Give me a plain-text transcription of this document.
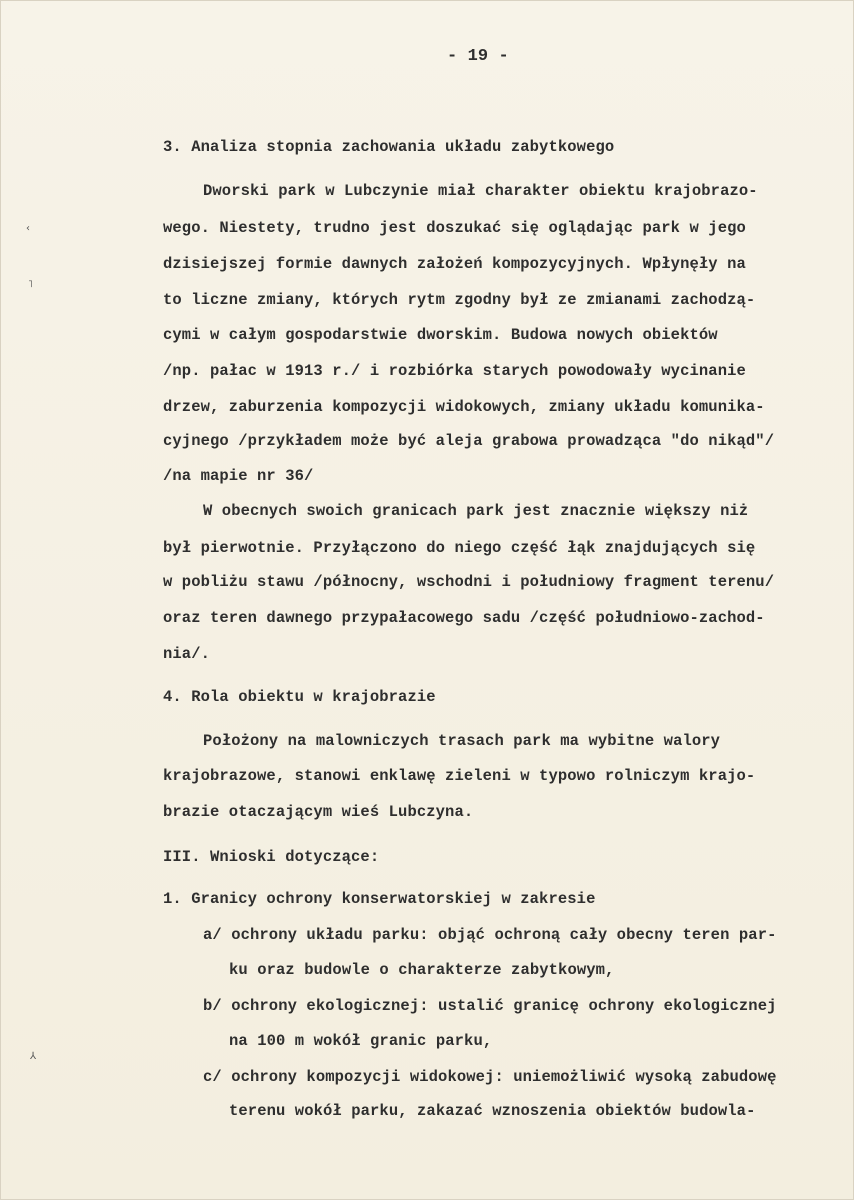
- 19 -
3. Analiza stopnia zachowania układu zabytkowego
Dworski park w Lubczynie miał charakter obiektu krajobrazo-
wego. Niestety, trudno jest doszukać się oglądając park w jego
dzisiejszej formie dawnych założeń kompozycyjnych. Wpłynęły na
to liczne zmiany, których rytm zgodny był ze zmianami zachodzą-
cymi w całym gospodarstwie dworskim. Budowa nowych obiektów
/np. pałac w 1913 r./ i rozbiórka starych powodowały wycinanie
drzew, zaburzenia kompozycji widokowych, zmiany układu komunika-
cyjnego /przykładem może być aleja grabowa prowadząca "do nikąd"/
/na mapie nr 36/
W obecnych swoich granicach park jest znacznie większy niż
był pierwotnie. Przyłączono do niego część łąk znajdujących się
w pobliżu stawu /północny, wschodni i południowy fragment terenu/
oraz teren dawnego przypałacowego sadu /część południowo-zachod-
nia/.
4. Rola obiektu w krajobrazie
Położony na malowniczych trasach park ma wybitne walory
krajobrazowe, stanowi enklawę zieleni w typowo rolniczym krajo-
brazie otaczającym wieś Lubczyna.
III. Wnioski dotyczące:
1. Granicy ochrony konserwatorskiej w zakresie
a/ ochrony układu parku: objąć ochroną cały obecny teren par-
ku oraz budowle o charakterze zabytkowym,
b/ ochrony ekologicznej: ustalić granicę ochrony ekologicznej
na 100 m wokół granic parku,
c/ ochrony kompozycji widokowej: uniemożliwić wysoką zabudowę
terenu wokół parku, zakazać wznoszenia obiektów budowla-
‹
˥
⅄
